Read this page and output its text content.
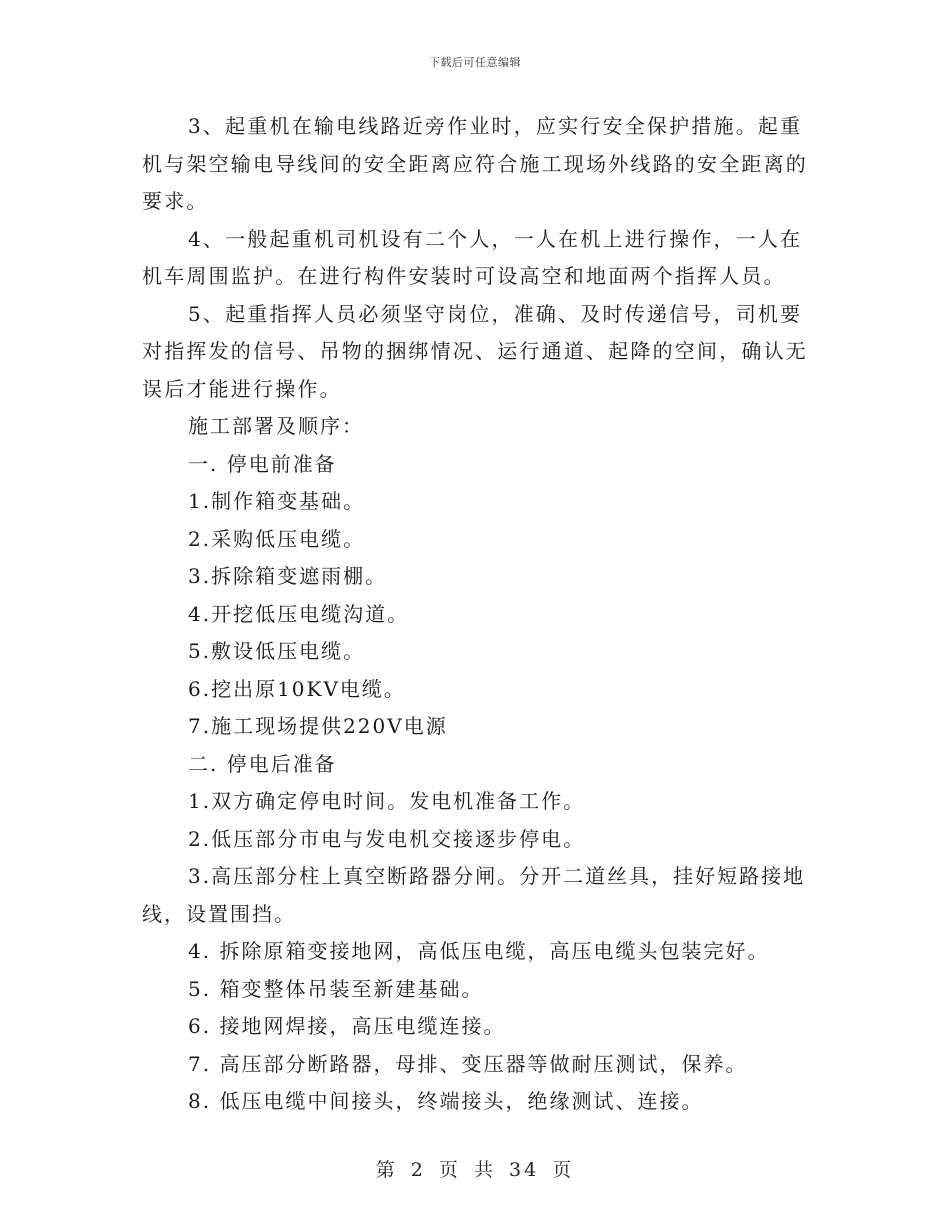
下载后可任意编辑

3、起重机在输电线路近旁作业时，应实行安全保护措施。起重机与架空输电导线间的安全距离应符合施工现场外线路的安全距离的要求。

4、一般起重机司机设有二个人，一人在机上进行操作，一人在机车周围监护。在进行构件安装时可设高空和地面两个指挥人员。

5、起重指挥人员必须坚守岗位，准确、及时传递信号，司机要对指挥发的信号、吊物的捆绑情况、运行通道、起降的空间，确认无误后才能进行操作。

施工部署及顺序：

一. 停电前准备

1.制作箱变基础。

2.采购低压电缆。

3.拆除箱变遮雨棚。

4.开挖低压电缆沟道。

5.敷设低压电缆。

6.挖出原10KV电缆。

7.施工现场提供220V电源

二. 停电后准备

1.双方确定停电时间。发电机准备工作。

2.低压部分市电与发电机交接逐步停电。

3.高压部分柱上真空断路器分闸。分开二道丝具，挂好短路接地线，设置围挡。

4. 拆除原箱变接地网，高低压电缆，高压电缆头包装完好。

5. 箱变整体吊装至新建基础。

6. 接地网焊接，高压电缆连接。

7. 高压部分断路器，母排、变压器等做耐压测试，保养。

8. 低压电缆中间接头，终端接头，绝缘测试、连接。

第 2 页 共 34 页
